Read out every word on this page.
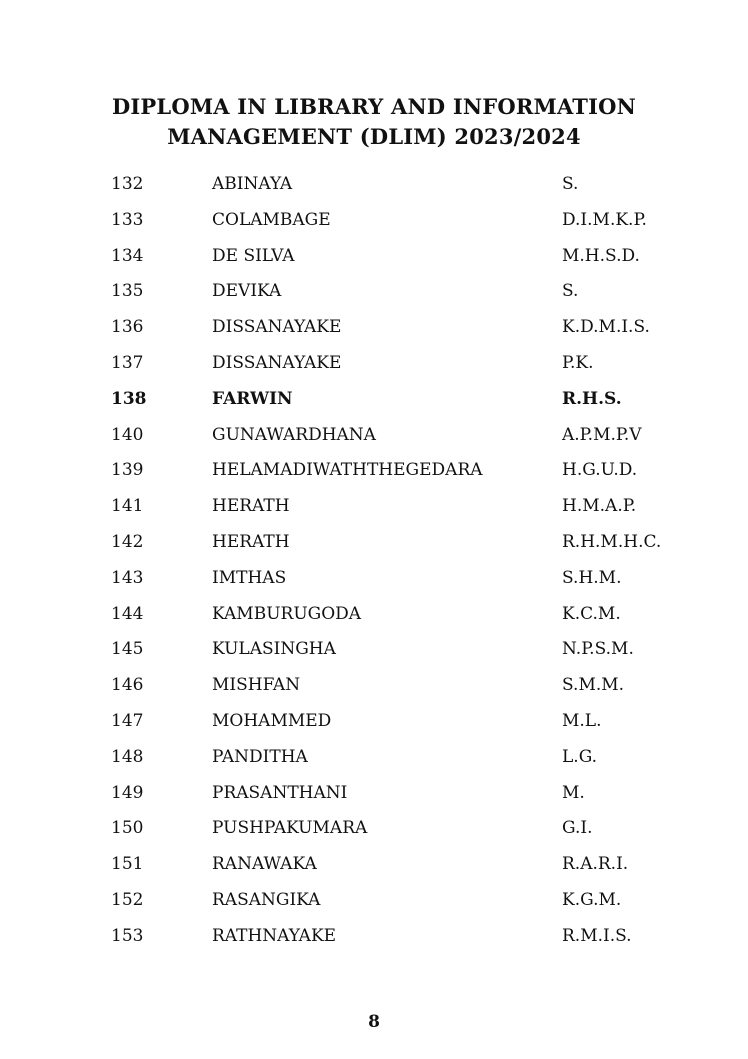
DIPLOMA IN LIBRARY AND INFORMATION
MANAGEMENT (DLIM) 2023/2024
132	ABINAYA	S.
133	COLAMBAGE	D.I.M.K.P.
134	DE SILVA	M.H.S.D.
135	DEVIKA	S.
136	DISSANAYAKE	K.D.M.I.S.
137	DISSANAYAKE	P.K.
138	FARWIN	R.H.S.
140	GUNAWARDHANA	A.P.M.P.V
139	HELAMADIWATHTHEGEDARA	H.G.U.D.
141	HERATH	H.M.A.P.
142	HERATH	R.H.M.H.C.
143	IMTHAS	S.H.M.
144	KAMBURUGODA	K.C.M.
145	KULASINGHA	N.P.S.M.
146	MISHFAN	S.M.M.
147	MOHAMMED	M.L.
148	PANDITHA	L.G.
149	PRASANTHANI	M.
150	PUSHPAKUMARA	G.I.
151	RANAWAKA	R.A.R.I.
152	RASANGIKA	K.G.M.
153	RATHNAYAKE	R.M.I.S.
8
